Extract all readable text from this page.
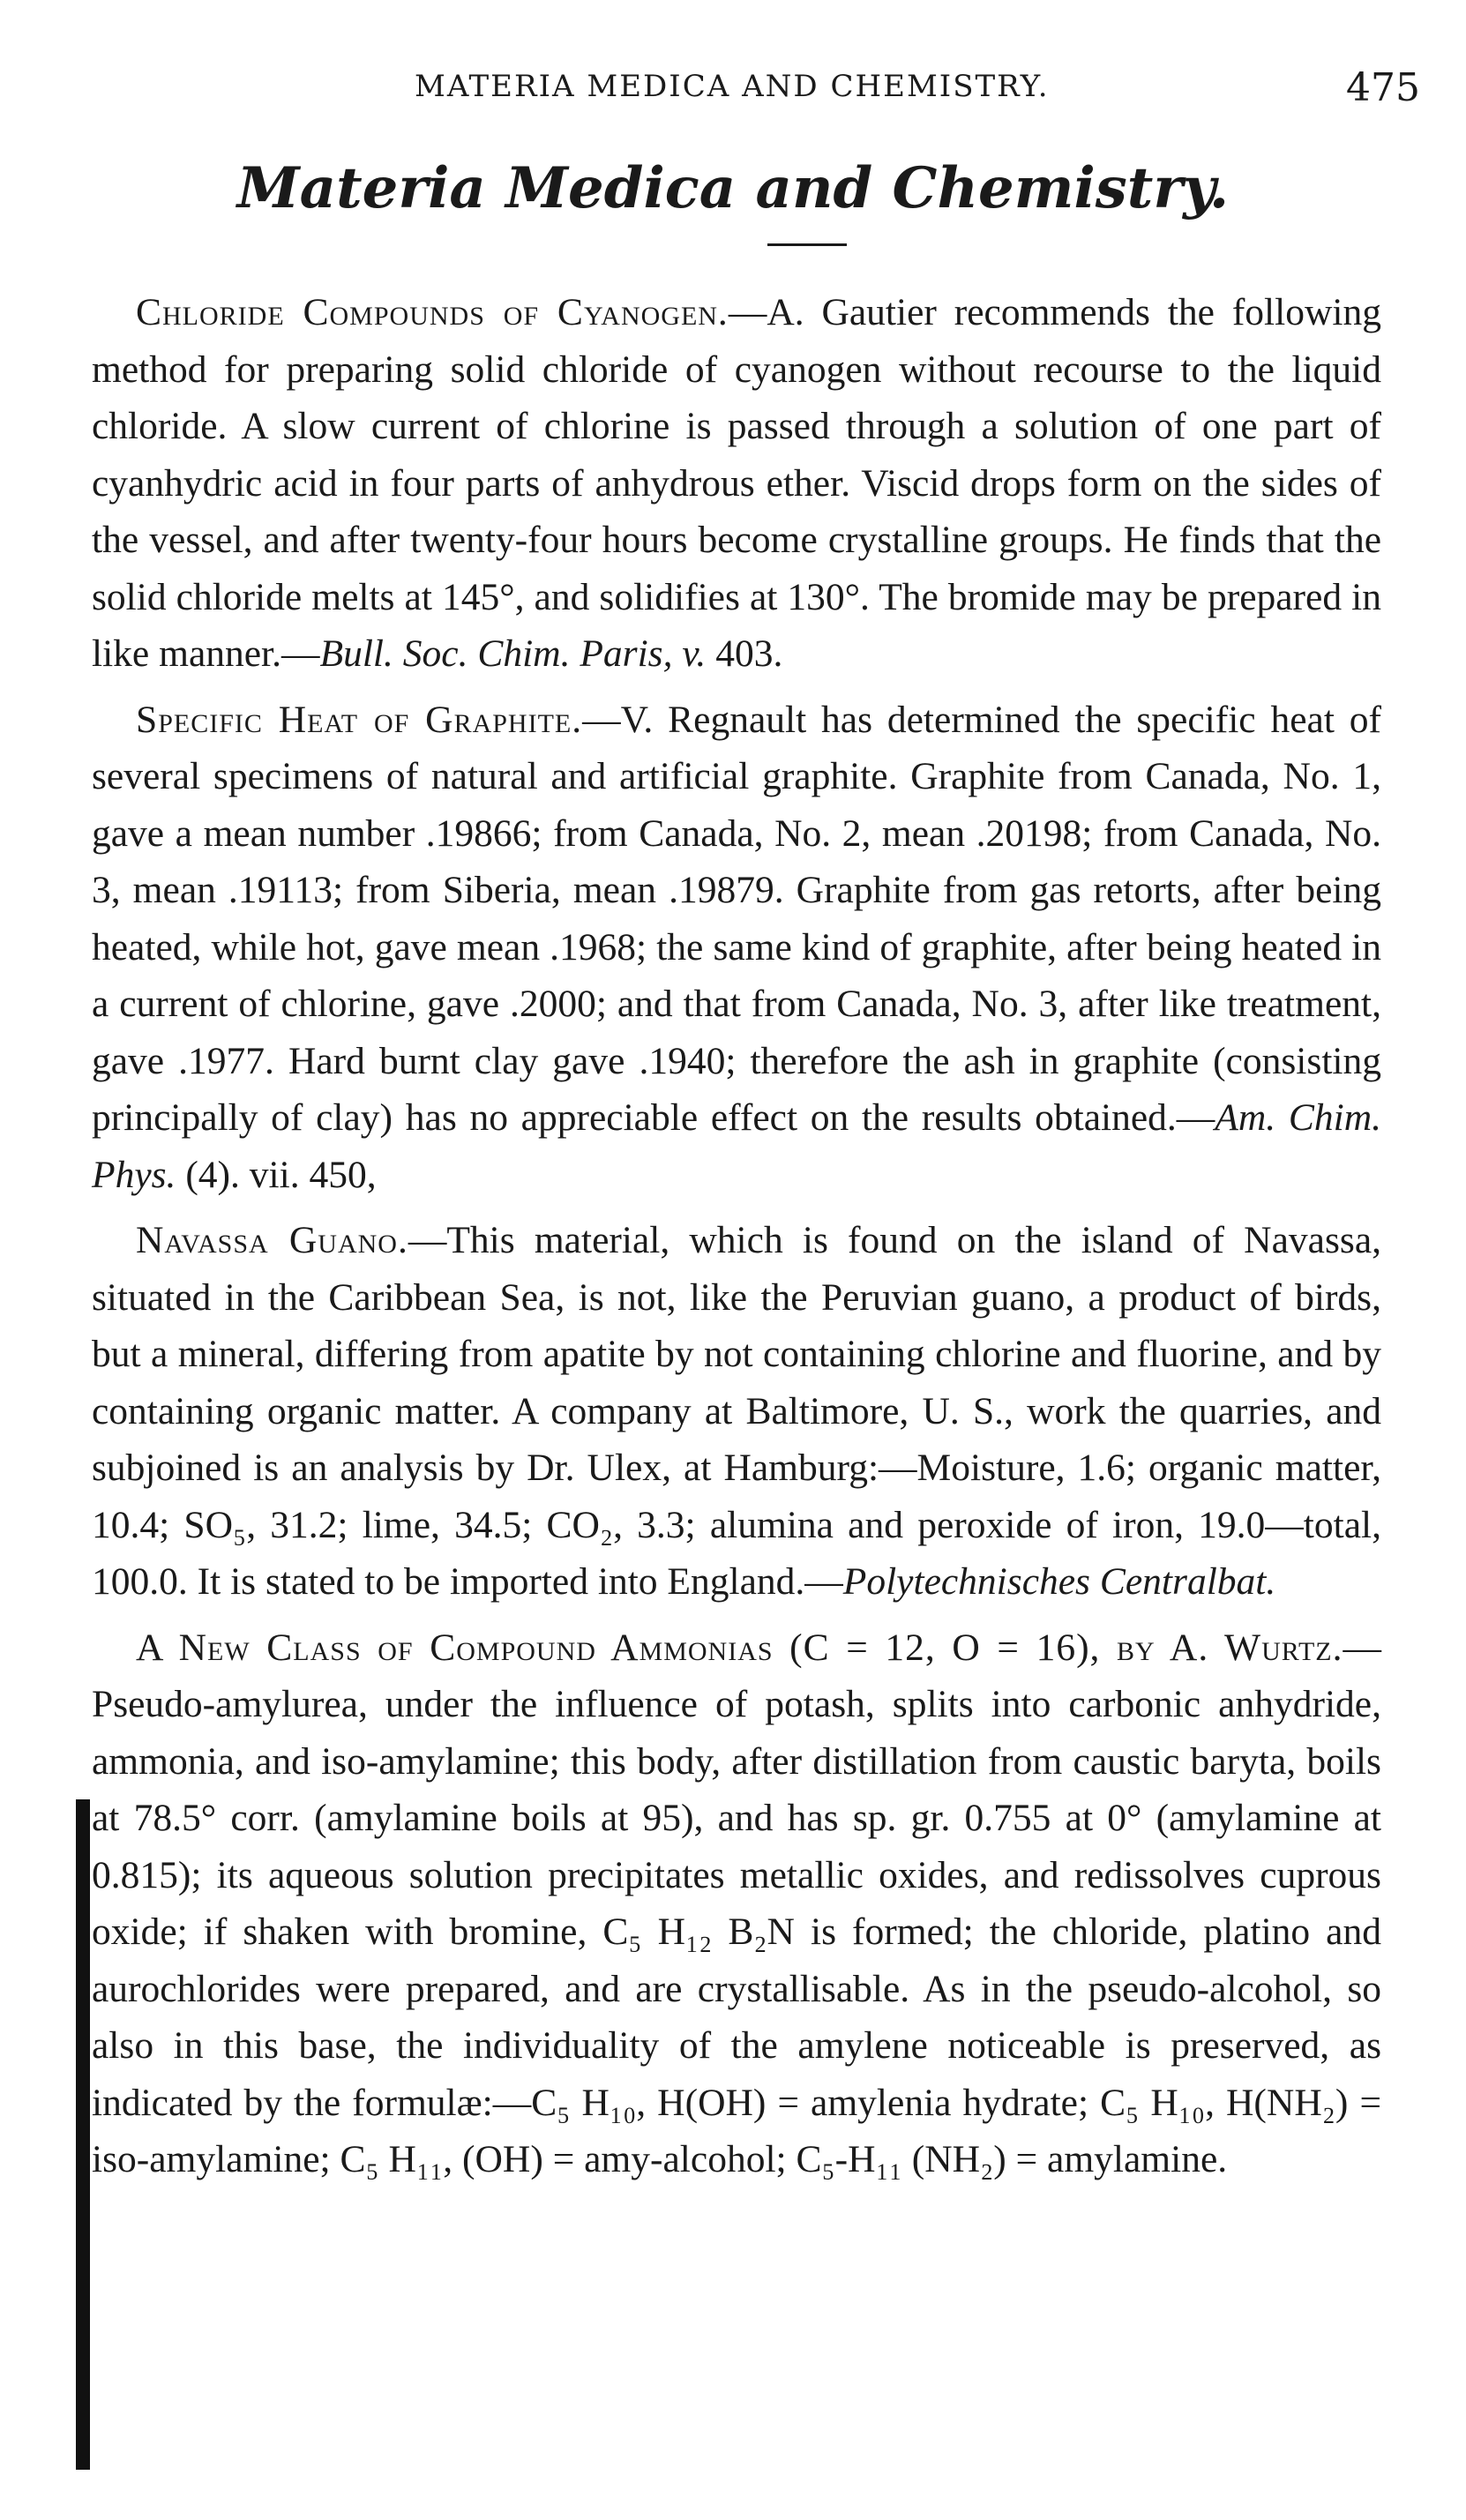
MATERIA MEDICA AND CHEMISTRY.	475
Materia Medica and Chemistry.

Chloride Compounds of Cyanogen.—A. Gautier recommends the following method for preparing solid chloride of cyanogen without recourse to the liquid chloride. A slow current of chlorine is passed through a solution of one part of cyanhydric acid in four parts of anhydrous ether. Viscid drops form on the sides of the vessel, and after twenty-four hours become crystalline groups. He finds that the solid chloride melts at 145°, and solidifies at 130°. The bromide may be prepared in like manner.—Bull. Soc. Chim. Paris, v. 403.

Specific Heat of Graphite.—V. Regnault has determined the specific heat of several specimens of natural and artificial graphite. Graphite from Canada, No. 1, gave a mean number .19866; from Canada, No. 2, mean .20198; from Canada, No. 3, mean .19113; from Siberia, mean .19879. Graphite from gas retorts, after being heated, while hot, gave mean .1968; the same kind of graphite, after being heated in a current of chlorine, gave .2000; and that from Canada, No. 3, after like treatment, gave .1977. Hard burnt clay gave .1940; therefore the ash in graphite (consisting principally of clay) has no appreciable effect on the results obtained.—Am. Chim. Phys. (4). vii. 450,

Navassa Guano.—This material, which is found on the island of Navassa, situated in the Caribbean Sea, is not, like the Peruvian guano, a product of birds, but a mineral, differing from apatite by not containing chlorine and fluorine, and by containing organic matter. A company at Baltimore, U. S., work the quarries, and subjoined is an analysis by Dr. Ulex, at Hamburg:—Moisture, 1.6; organic matter, 10.4; SO₅, 31.2; lime, 34.5; CO₂, 3.3; alumina and peroxide of iron, 19.0—total, 100.0. It is stated to be imported into England.—Polytechnisches Centralbat.

A New Class of Compound Ammonias (C = 12, O = 16), by A. Wurtz.—Pseudo-amylurea, under the influence of potash, splits into carbonic anhydride, ammonia, and iso-amylamine; this body, after distillation from caustic baryta, boils at 78.5° corr. (amylamine boils at 95), and has sp. gr. 0.755 at 0° (amylamine at 0.815); its aqueous solution precipitates metallic oxides, and redissolves cuprous oxide; if shaken with bromine, C₅ H₁₂ B₂N is formed; the chloride, platino and aurochlorides were prepared, and are crystallisable. As in the pseudo-alcohol, so also in this base, the individuality of the amylene noticeable is preserved, as indicated by the formulæ:—C₅ H₁₀, H(OH) = amylenia hydrate; C₅ H₁₀, H(NH₂) = iso-amylamine; C₅ H₁₁, (OH) = amy-alcohol; C₅-H₁₁ (NH₂) = amylamine.
